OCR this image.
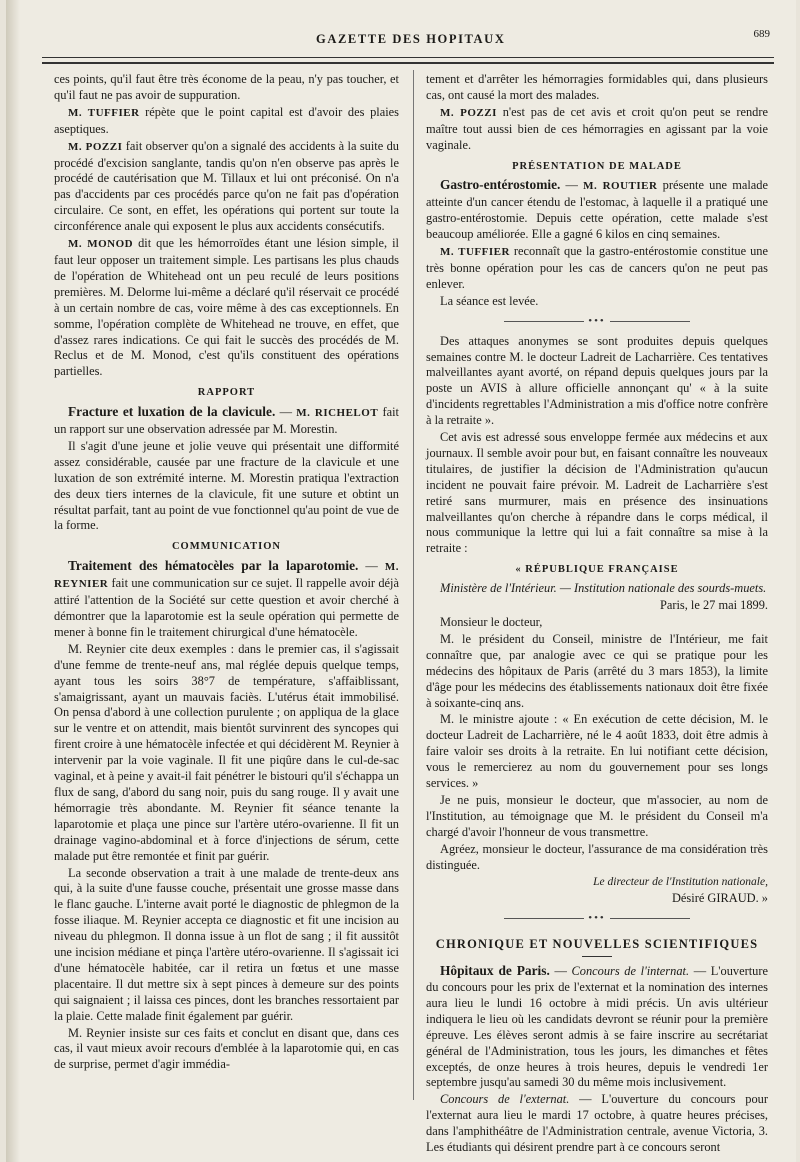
GAZETTE DES HOPITAUX	689

ces points, qu'il faut être très économe de la peau, n'y pas toucher, et qu'il faut ne pas avoir de suppuration.

M. TUFFIER répète que le point capital est d'avoir des plaies aseptiques.

M. POZZI fait observer qu'on a signalé des accidents à la suite du procédé d'excision sanglante, tandis qu'on n'en observe pas après le procédé de cautérisation que M. Tillaux et lui ont préconisé. On n'a pas d'accidents par ces procédés parce qu'on ne fait pas d'opération circulaire. Ce sont, en effet, les opérations qui portent sur toute la circonférence anale qui exposent le plus aux accidents consécutifs.

M. MONOD dit que les hémorroïdes étant une lésion simple, il faut leur opposer un traitement simple. Les partisans les plus chauds de l'opération de Whitehead ont un peu reculé de leurs positions premières. M. Delorme lui-même a déclaré qu'il réservait ce procédé à un certain nombre de cas, voire même à des cas exceptionnels. En somme, l'opération complète de Whitehead ne trouve, en effet, que d'assez rares indications. Ce qui fait le succès des procédés de M. Reclus et de M. Monod, c'est qu'ils constituent des opérations partielles.

RAPPORT

Fracture et luxation de la clavicule. — M. RICHELOT fait un rapport sur une observation adressée par M. Morestin.

Il s'agit d'une jeune et jolie veuve qui présentait une difformité assez considérable, causée par une fracture de la clavicule et une luxation de son extrémité interne. M. Morestin pratiqua l'extraction des deux tiers internes de la clavicule, fit une suture et obtint un résultat parfait, tant au point de vue fonctionnel qu'au point de vue de la forme.

COMMUNICATION

Traitement des hématocèles par la laparotomie. — M. REYNIER fait une communication sur ce sujet. Il rappelle avoir déjà attiré l'attention de la Société sur cette question et avoir cherché à démontrer que la laparotomie est la seule opération qui permette de mener à bonne fin le traitement chirurgical d'une hématocèle.

M. Reynier cite deux exemples : dans le premier cas, il s'agissait d'une femme de trente-neuf ans, mal réglée depuis quelque temps, ayant tous les soirs 38°7 de température, s'affaiblissant, s'amaigrissant, ayant un mauvais faciès. L'utérus était immobilisé. On pensa d'abord à une collection purulente ; on appliqua de la glace sur le ventre et on attendit, mais bientôt survinrent des syncopes qui firent croire à une hématocèle infectée et qui décidèrent M. Reynier à intervenir par la voie vaginale. Il fit une piqûre dans le cul-de-sac vaginal, et à peine y avait-il fait pénétrer le bistouri qu'il s'échappa un flux de sang, d'abord du sang noir, puis du sang rouge. Il y avait une hémorragie très abondante. M. Reynier fit séance tenante la laparotomie et plaça une pince sur l'artère utéro-ovarienne. Il fit un drainage vagino-abdominal et à force d'injections de sérum, cette malade put être remontée et finit par guérir.

La seconde observation a trait à une malade de trente-deux ans qui, à la suite d'une fausse couche, présentait une grosse masse dans le flanc gauche. L'interne avait porté le diagnostic de phlegmon de la fosse iliaque. M. Reynier accepta ce diagnostic et fit une incision au niveau du phlegmon. Il donna issue à un flot de sang ; il fit aussitôt une incision médiane et pinça l'artère utéro-ovarienne. Il s'agissait ici d'une hématocèle habitée, car il retira un fœtus et une masse placentaire. Il dut mettre six à sept pinces à demeure sur des points qui saignaient ; il laissa ces pinces, dont les branches ressortaient par la plaie. Cette malade finit également par guérir.

M. Reynier insiste sur ces faits et conclut en disant que, dans ces cas, il vaut mieux avoir recours d'emblée à la laparotomie qui, en cas de surprise, permet d'agir immédia-

tement et d'arrêter les hémorragies formidables qui, dans plusieurs cas, ont causé la mort des malades.

M. POZZI n'est pas de cet avis et croit qu'on peut se rendre maître tout aussi bien de ces hémorragies en agissant par la voie vaginale.

PRÉSENTATION DE MALADE

Gastro-entérostomie. — M. ROUTIER présente une malade atteinte d'un cancer étendu de l'estomac, à laquelle il a pratiqué une gastro-entérostomie. Depuis cette opération, cette malade s'est beaucoup améliorée. Elle a gagné 6 kilos en cinq semaines.

M. TUFFIER reconnaît que la gastro-entérostomie constitue une très bonne opération pour les cas de cancers qu'on ne peut pas enlever.

La séance est levée.

•••

Des attaques anonymes se sont produites depuis quelques semaines contre M. le docteur Ladreit de Lacharrière. Ces tentatives malveillantes ayant avorté, on répand depuis quelques jours par la poste un AVIS à allure officielle annonçant qu' « à la suite d'incidents regrettables l'Administration a mis d'office notre confrère à la retraite ».

Cet avis est adressé sous enveloppe fermée aux médecins et aux journaux. Il semble avoir pour but, en faisant connaître les nouveaux titulaires, de justifier la décision de l'Administration qu'aucun incident ne pouvait faire prévoir. M. Ladreit de Lacharrière s'est retiré sans murmurer, mais en présence des insinuations malveillantes qu'on cherche à répandre dans le corps médical, il nous communique la lettre qui lui a fait connaître sa mise à la retraite :

« RÉPUBLIQUE FRANÇAISE

Ministère de l'Intérieur. — Institution nationale des sourds-muets.

Paris, le 27 mai 1899.

Monsieur le docteur,

M. le président du Conseil, ministre de l'Intérieur, me fait connaître que, par analogie avec ce qui se pratique pour les médecins des hôpitaux de Paris (arrêté du 3 mars 1853), la limite d'âge pour les médecins des établissements nationaux doit être fixée à soixante-cinq ans.

M. le ministre ajoute : « En exécution de cette décision, M. le docteur Ladreit de Lacharrière, né le 4 août 1833, doit être admis à faire valoir ses droits à la retraite. En lui notifiant cette décision, vous le remercierez au nom du gouvernement pour ses longs services. »

Je ne puis, monsieur le docteur, que m'associer, au nom de l'Institution, au témoignage que M. le président du Conseil m'a chargé d'avoir l'honneur de vous transmettre.

Agréez, monsieur le docteur, l'assurance de ma considération très distinguée.

Le directeur de l'Institution nationale,

Désiré GIRAUD. »

•••
CHRONIQUE ET NOUVELLES SCIENTIFIQUES

Hôpitaux de Paris. — Concours de l'internat. — L'ouverture du concours pour les prix de l'externat et la nomination des internes aura lieu le lundi 16 octobre à midi précis. Un avis ultérieur indiquera le lieu où les candidats devront se réunir pour la première épreuve. Les élèves seront admis à se faire inscrire au secrétariat général de l'Administration, tous les jours, les dimanches et fêtes exceptés, de onze heures à trois heures, depuis le vendredi 1er septembre jusqu'au samedi 30 du même mois inclusivement.

Concours de l'externat. — L'ouverture du concours pour l'externat aura lieu le mardi 17 octobre, à quatre heures précises, dans l'amphithéâtre de l'Administration centrale, avenue Victoria, 3. Les étudiants qui désirent prendre part à ce concours seront
